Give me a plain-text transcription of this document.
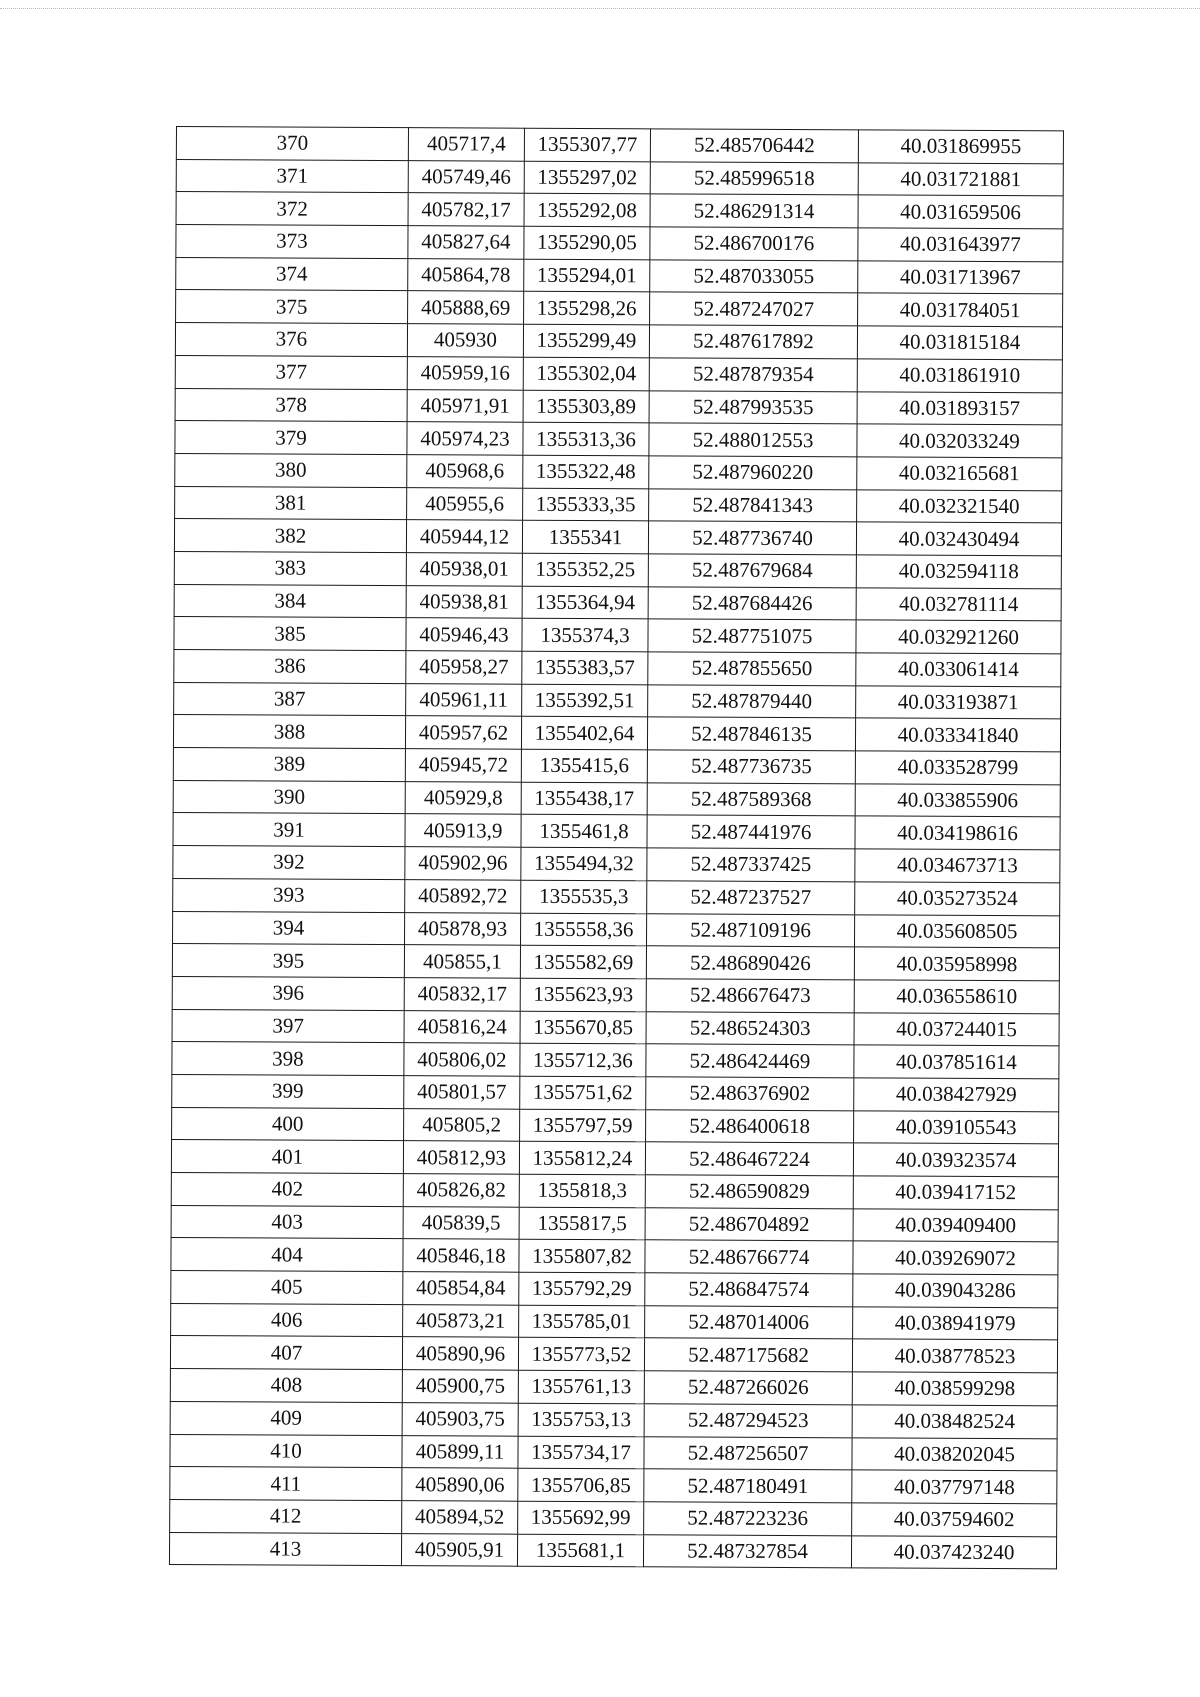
370	405717,4	1355307,77	52.485706442	40.031869955
371	405749,46	1355297,02	52.485996518	40.031721881
372	405782,17	1355292,08	52.486291314	40.031659506
373	405827,64	1355290,05	52.486700176	40.031643977
374	405864,78	1355294,01	52.487033055	40.031713967
375	405888,69	1355298,26	52.487247027	40.031784051
376	405930	1355299,49	52.487617892	40.031815184
377	405959,16	1355302,04	52.487879354	40.031861910
378	405971,91	1355303,89	52.487993535	40.031893157
379	405974,23	1355313,36	52.488012553	40.032033249
380	405968,6	1355322,48	52.487960220	40.032165681
381	405955,6	1355333,35	52.487841343	40.032321540
382	405944,12	1355341	52.487736740	40.032430494
383	405938,01	1355352,25	52.487679684	40.032594118
384	405938,81	1355364,94	52.487684426	40.032781114
385	405946,43	1355374,3	52.487751075	40.032921260
386	405958,27	1355383,57	52.487855650	40.033061414
387	405961,11	1355392,51	52.487879440	40.033193871
388	405957,62	1355402,64	52.487846135	40.033341840
389	405945,72	1355415,6	52.487736735	40.033528799
390	405929,8	1355438,17	52.487589368	40.033855906
391	405913,9	1355461,8	52.487441976	40.034198616
392	405902,96	1355494,32	52.487337425	40.034673713
393	405892,72	1355535,3	52.487237527	40.035273524
394	405878,93	1355558,36	52.487109196	40.035608505
395	405855,1	1355582,69	52.486890426	40.035958998
396	405832,17	1355623,93	52.486676473	40.036558610
397	405816,24	1355670,85	52.486524303	40.037244015
398	405806,02	1355712,36	52.486424469	40.037851614
399	405801,57	1355751,62	52.486376902	40.038427929
400	405805,2	1355797,59	52.486400618	40.039105543
401	405812,93	1355812,24	52.486467224	40.039323574
402	405826,82	1355818,3	52.486590829	40.039417152
403	405839,5	1355817,5	52.486704892	40.039409400
404	405846,18	1355807,82	52.486766774	40.039269072
405	405854,84	1355792,29	52.486847574	40.039043286
406	405873,21	1355785,01	52.487014006	40.038941979
407	405890,96	1355773,52	52.487175682	40.038778523
408	405900,75	1355761,13	52.487266026	40.038599298
409	405903,75	1355753,13	52.487294523	40.038482524
410	405899,11	1355734,17	52.487256507	40.038202045
411	405890,06	1355706,85	52.487180491	40.037797148
412	405894,52	1355692,99	52.487223236	40.037594602
413	405905,91	1355681,1	52.487327854	40.037423240
